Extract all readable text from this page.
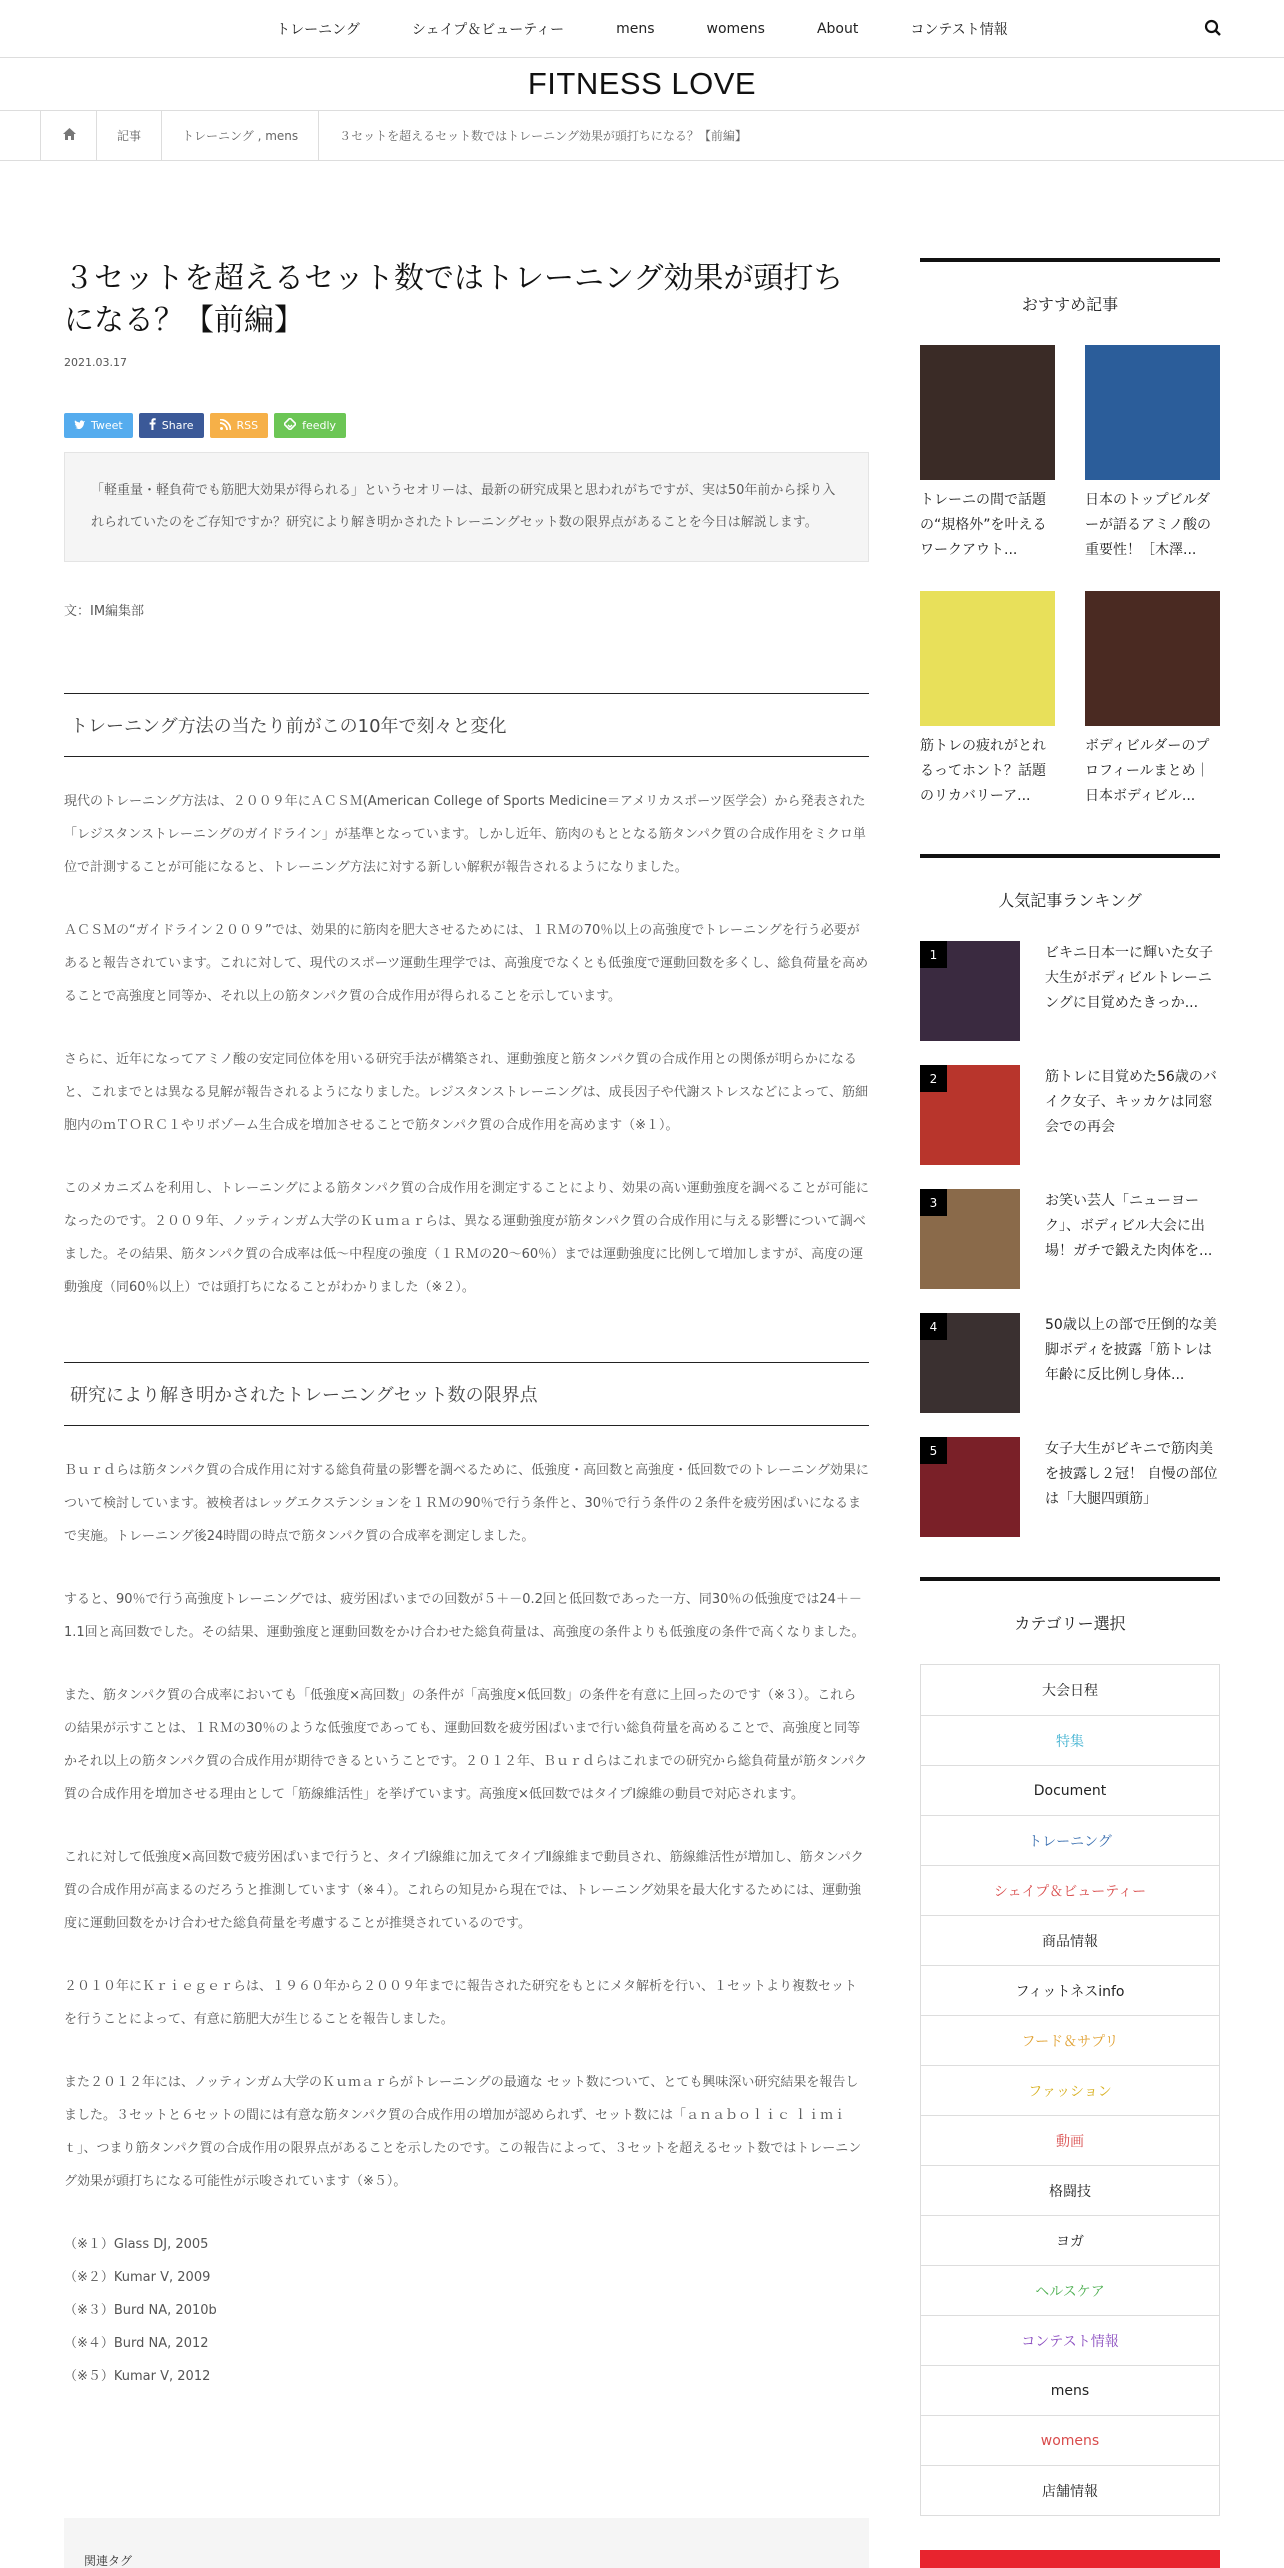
トレーニング	シェイプ＆ビューティー	mens	womens	About	コンテスト情報
FITNESS LOVE
記事	トレーニング , mens	３セットを超えるセット数ではトレーニング効果が頭打ちになる？【前編】
３セットを超えるセット数ではトレーニング効果が頭打ちになる？【前編】
2021.03.17
Tweet	Share	RSS	feedly
「軽重量・軽負荷でも筋肥大効果が得られる」というセオリーは、最新の研究成果と思われがちですが、実は50年前から採り入れられていたのをご存知ですか？研究により解き明かされたトレーニングセット数の限界点があることを今日は解説します。
文：IM編集部
トレーニング方法の当たり前がこの10年で刻々と変化

現代のトレーニング方法は、２００９年にＡＣＳＭ(American College of Sports Medicine＝アメリカスポーツ医学会）から発表された「レジスタンストレーニングのガイドライン」が基準となっています。しかし近年、筋肉のもととなる筋タンパク質の合成作用をミクロ単位で計測することが可能になると、トレーニング方法に対する新しい解釈が報告されるようになりました。

ＡＣＳＭの“ガイドライン２００９”では、効果的に筋肉を肥大させるためには、１ＲＭの70％以上の高強度でトレーニングを行う必要があると報告されています。これに対して、現代のスポーツ運動生理学では、高強度でなくとも低強度で運動回数を多くし、総負荷量を高めることで高強度と同等か、それ以上の筋タンパク質の合成作用が得られることを示しています。

さらに、近年になってアミノ酸の安定同位体を用いる研究手法が構築され、運動強度と筋タンパク質の合成作用との関係が明らかになると、これまでとは異なる見解が報告されるようになりました。レジスタンストレーニングは、成長因子や代謝ストレスなどによって、筋細胞内のｍＴＯＲＣ１やリボゾーム生合成を増加させることで筋タンパク質の合成作用を高めます（※１）。

このメカニズムを利用し、トレーニングによる筋タンパク質の合成作用を測定することにより、効果の高い運動強度を調べることが可能になったのです。２００９年、ノッティンガム大学のＫｕｍａｒらは、異なる運動強度が筋タンパク質の合成作用に与える影響について調べました。その結果、筋タンパク質の合成率は低～中程度の強度（１ＲＭの20～60％）までは運動強度に比例して増加しますが、高度の運動強度（同60％以上）では頭打ちになることがわかりました（※２）。

研究により解き明かされたトレーニングセット数の限界点

Ｂｕｒｄらは筋タンパク質の合成作用に対する総負荷量の影響を調べるために、低強度・高回数と高強度・低回数でのトレーニング効果について検討しています。被検者はレッグエクステンションを１ＲＭの90％で行う条件と、30％で行う条件の２条件を疲労困ぱいになるまで実施。トレーニング後24時間の時点で筋タンパク質の合成率を測定しました。

すると、90％で行う高強度トレーニングでは、疲労困ぱいまでの回数が５＋－0.2回と低回数であった一方、同30％の低強度では24＋－1.1回と高回数でした。その結果、運動強度と運動回数をかけ合わせた総負荷量は、高強度の条件よりも低強度の条件で高くなりました。

また、筋タンパク質の合成率においても「低強度×高回数」の条件が「高強度×低回数」の条件を有意に上回ったのです（※３）。これらの結果が示すことは、１ＲＭの30％のような低強度であっても、運動回数を疲労困ぱいまで行い総負荷量を高めることで、高強度と同等かそれ以上の筋タンパク質の合成作用が期待できるということです。２０１２年、Ｂｕｒｄらはこれまでの研究から総負荷量が筋タンパク質の合成作用を増加させる理由として「筋線維活性」を挙げています。高強度×低回数ではタイプⅠ線維の動員で対応されます。

これに対して低強度×高回数で疲労困ぱいまで行うと、タイプⅠ線維に加えてタイプⅡ線維まで動員され、筋線維活性が増加し、筋タンパク質の合成作用が高まるのだろうと推測しています（※４）。これらの知見から現在では、トレーニング効果を最大化するためには、運動強度に運動回数をかけ合わせた総負荷量を考慮することが推奨されているのです。

２０１０年にＫｒｉｅｇｅｒらは、１９６０年から２００９年までに報告された研究をもとにメタ解析を行い、１セットより複数セットを行うことによって、有意に筋肥大が生じることを報告しました。

また２０１２年には、ノッティンガム大学のＫｕｍａｒらがトレーニングの最適な セット数について、とても興味深い研究結果を報告しました。３セットと６セットの間には有意な筋タンパク質の合成作用の増加が認められず、セット数には「ａｎａｂｏｌｉｃ ｌｉｍｉｔ」、つまり筋タンパク質の合成作用の限界点があることを示したのです。この報告によって、３セットを超えるセット数ではトレーニング効果が頭打ちになる可能性が示唆されています（※５）。

（※１）Glass DJ, 2005
（※２）Kumar V, 2009
（※３）Burd NA, 2010b
（※４）Burd NA, 2012
（※５）Kumar V, 2012
関連タグ
おすすめ記事
トレーニの間で話題の“規格外”を叶えるワークアウト...
日本のトップビルダーが語るアミノ酸の重要性！［木澤...
筋トレの疲れがとれるってホント？話題のリカバリーア...
ボディビルダーのプロフィールまとめ｜日本ボディビル...
人気記事ランキング
1	ビキニ日本一に輝いた女子大生がボディビルトレーニングに目覚めたきっか...
2	筋トレに目覚めた56歳のバイク女子、キッカケは同窓会での再会
3	お笑い芸人「ニューヨーク」、ボディビル大会に出場！ガチで鍛えた肉体を...
4	50歳以上の部で圧倒的な美脚ボディを披露「筋トレは年齢に反比例し身体...
5	女子大生がビキニで筋肉美を披露し２冠！ 自慢の部位は「大腿四頭筋」
カテゴリー選択
大会日程
特集
Document
トレーニング
シェイプ＆ビューティー
商品情報
フィットネスinfo
フード＆サプリ
ファッション
動画
格闘技
ヨガ
ヘルスケア
コンテスト情報
mens
womens
店舗情報
